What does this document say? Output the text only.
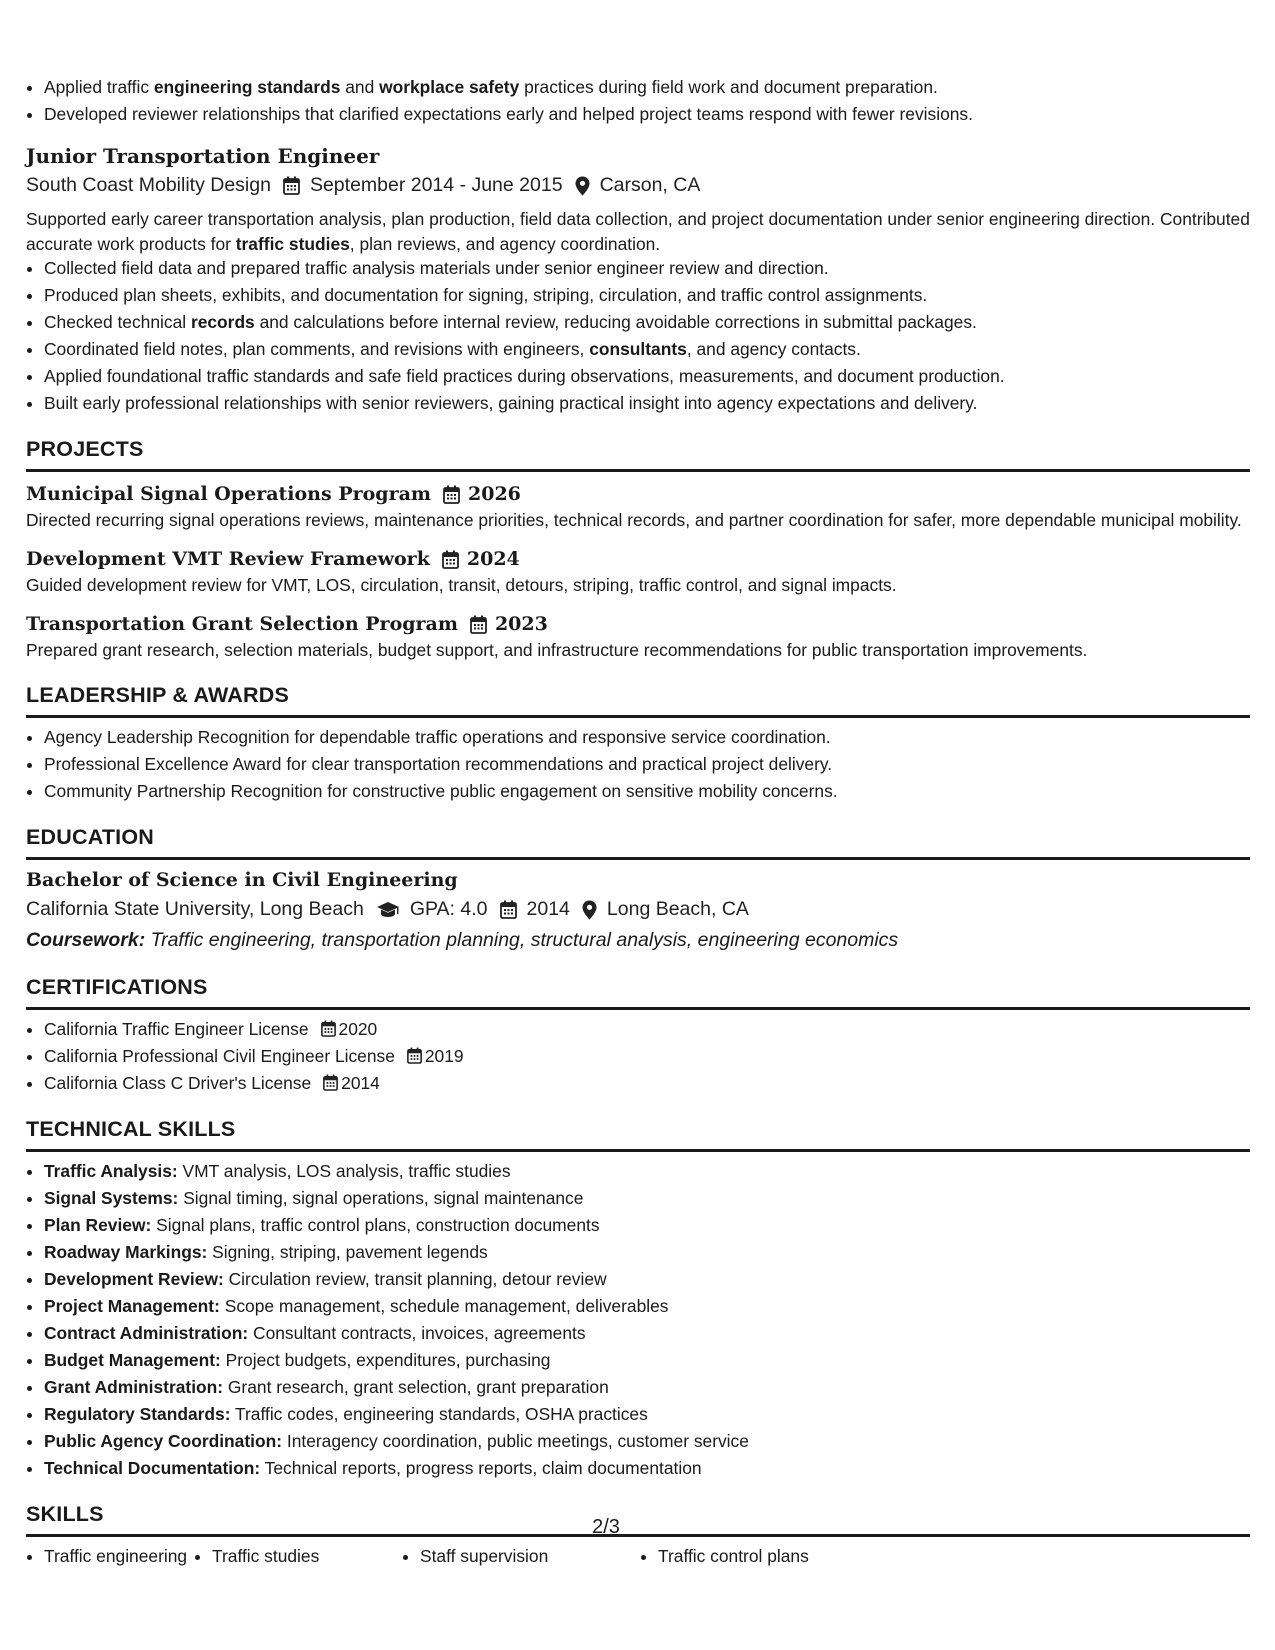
• Applied traffic engineering standards and workplace safety practices during field work and document preparation.
• Developed reviewer relationships that clarified expectations early and helped project teams respond with fewer revisions.
Junior Transportation Engineer
South Coast Mobility Design September 2014 - June 2015 Carson, CA
Supported early career transportation analysis, plan production, field data collection, and project documentation under senior engineering direction. Contributed accurate work products for traffic studies, plan reviews, and agency coordination.
• Collected field data and prepared traffic analysis materials under senior engineer review and direction.
• Produced plan sheets, exhibits, and documentation for signing, striping, circulation, and traffic control assignments.
• Checked technical records and calculations before internal review, reducing avoidable corrections in submittal packages.
• Coordinated field notes, plan comments, and revisions with engineers, consultants, and agency contacts.
• Applied foundational traffic standards and safe field practices during observations, measurements, and document production.
• Built early professional relationships with senior reviewers, gaining practical insight into agency expectations and delivery.
PROJECTS
Municipal Signal Operations Program 2026
Directed recurring signal operations reviews, maintenance priorities, technical records, and partner coordination for safer, more dependable municipal mobility.
Development VMT Review Framework 2024
Guided development review for VMT, LOS, circulation, transit, detours, striping, traffic control, and signal impacts.
Transportation Grant Selection Program 2023
Prepared grant research, selection materials, budget support, and infrastructure recommendations for public transportation improvements.
LEADERSHIP & AWARDS
• Agency Leadership Recognition for dependable traffic operations and responsive service coordination.
• Professional Excellence Award for clear transportation recommendations and practical project delivery.
• Community Partnership Recognition for constructive public engagement on sensitive mobility concerns.
EDUCATION
Bachelor of Science in Civil Engineering
California State University, Long Beach GPA: 4.0 2014 Long Beach, CA
Coursework: Traffic engineering, transportation planning, structural analysis, engineering economics
CERTIFICATIONS
• California Traffic Engineer License 2020
• California Professional Civil Engineer License 2019
• California Class C Driver's License 2014
TECHNICAL SKILLS
• Traffic Analysis: VMT analysis, LOS analysis, traffic studies
• Signal Systems: Signal timing, signal operations, signal maintenance
• Plan Review: Signal plans, traffic control plans, construction documents
• Roadway Markings: Signing, striping, pavement legends
• Development Review: Circulation review, transit planning, detour review
• Project Management: Scope management, schedule management, deliverables
• Contract Administration: Consultant contracts, invoices, agreements
• Budget Management: Project budgets, expenditures, purchasing
• Grant Administration: Grant research, grant selection, grant preparation
• Regulatory Standards: Traffic codes, engineering standards, OSHA practices
• Public Agency Coordination: Interagency coordination, public meetings, customer service
• Technical Documentation: Technical reports, progress reports, claim documentation
SKILLS
• Traffic engineering	• Traffic studies	• Staff supervision	• Traffic control plans
2/3
